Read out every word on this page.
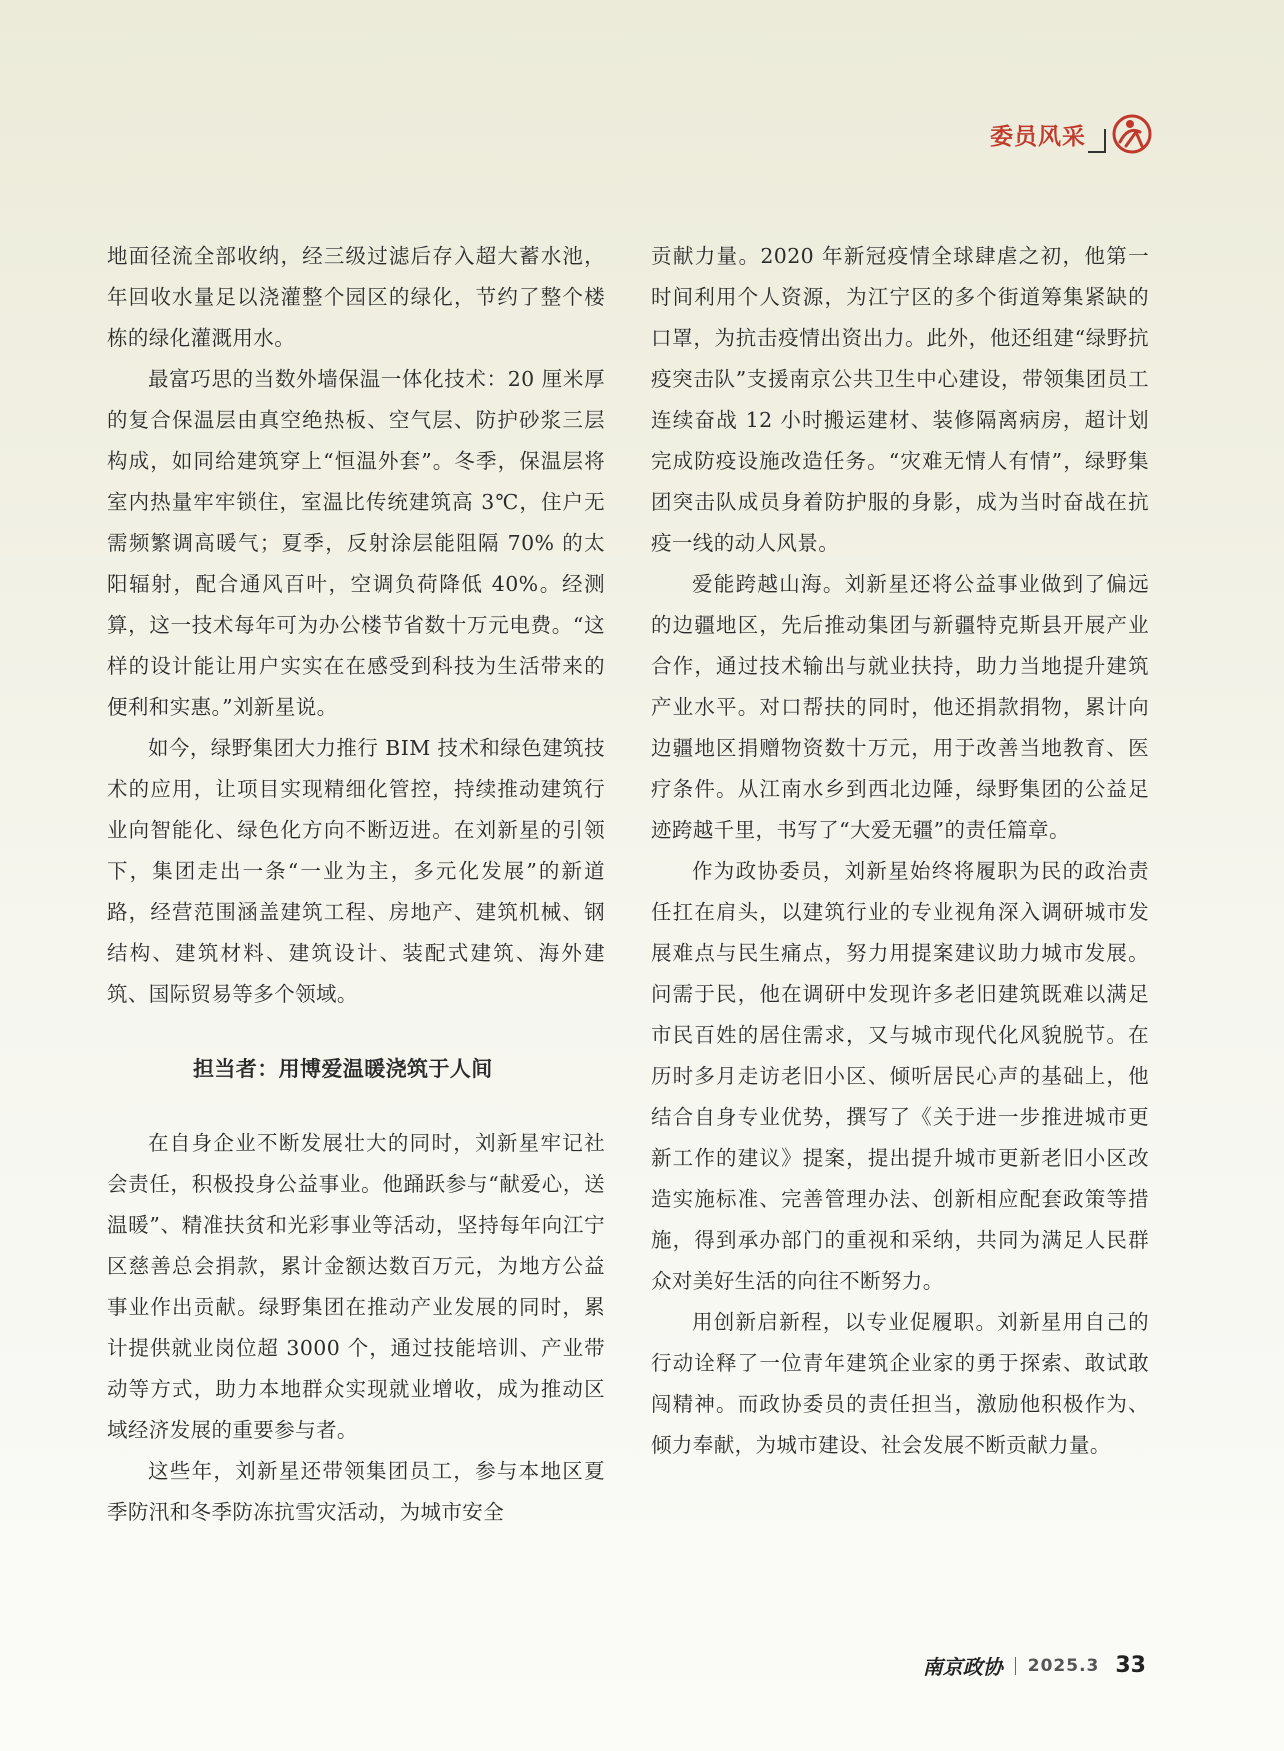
委员风采

地面径流全部收纳，经三级过滤后存入超大蓄水池，年回收水量足以浇灌整个园区的绿化，节约了整个楼栋的绿化灌溉用水。

最富巧思的当数外墙保温一体化技术：20 厘米厚的复合保温层由真空绝热板、空气层、防护砂浆三层构成，如同给建筑穿上“恒温外套”。冬季，保温层将室内热量牢牢锁住，室温比传统建筑高 3℃，住户无需频繁调高暖气；夏季，反射涂层能阻隔 70% 的太阳辐射，配合通风百叶，空调负荷降低 40%。经测算，这一技术每年可为办公楼节省数十万元电费。“这样的设计能让用户实实在在感受到科技为生活带来的便利和实惠。”刘新星说。

如今，绿野集团大力推行 BIM 技术和绿色建筑技术的应用，让项目实现精细化管控，持续推动建筑行业向智能化、绿色化方向不断迈进。在刘新星的引领下，集团走出一条“一业为主，多元化发展”的新道路，经营范围涵盖建筑工程、房地产、建筑机械、钢结构、建筑材料、建筑设计、装配式建筑、海外建筑、国际贸易等多个领域。

担当者：用博爱温暖浇筑于人间

在自身企业不断发展壮大的同时，刘新星牢记社会责任，积极投身公益事业。他踊跃参与“献爱心，送温暖”、精准扶贫和光彩事业等活动，坚持每年向江宁区慈善总会捐款，累计金额达数百万元，为地方公益事业作出贡献。绿野集团在推动产业发展的同时，累计提供就业岗位超 3000 个，通过技能培训、产业带动等方式，助力本地群众实现就业增收，成为推动区域经济发展的重要参与者。

这些年，刘新星还带领集团员工，参与本地区夏季防汛和冬季防冻抗雪灾活动，为城市安全

贡献力量。2020 年新冠疫情全球肆虐之初，他第一时间利用个人资源，为江宁区的多个街道筹集紧缺的口罩，为抗击疫情出资出力。此外，他还组建“绿野抗疫突击队”支援南京公共卫生中心建设，带领集团员工连续奋战 12 小时搬运建材、装修隔离病房，超计划完成防疫设施改造任务。“灾难无情人有情”，绿野集团突击队成员身着防护服的身影，成为当时奋战在抗疫一线的动人风景。

爱能跨越山海。刘新星还将公益事业做到了偏远的边疆地区，先后推动集团与新疆特克斯县开展产业合作，通过技术输出与就业扶持，助力当地提升建筑产业水平。对口帮扶的同时，他还捐款捐物，累计向边疆地区捐赠物资数十万元，用于改善当地教育、医疗条件。从江南水乡到西北边陲，绿野集团的公益足迹跨越千里，书写了“大爱无疆”的责任篇章。

作为政协委员，刘新星始终将履职为民的政治责任扛在肩头，以建筑行业的专业视角深入调研城市发展难点与民生痛点，努力用提案建议助力城市发展。问需于民，他在调研中发现许多老旧建筑既难以满足市民百姓的居住需求，又与城市现代化风貌脱节。在历时多月走访老旧小区、倾听居民心声的基础上，他结合自身专业优势，撰写了《关于进一步推进城市更新工作的建议》提案，提出提升城市更新老旧小区改造实施标准、完善管理办法、创新相应配套政策等措施，得到承办部门的重视和采纳，共同为满足人民群众对美好生活的向往不断努力。

用创新启新程，以专业促履职。刘新星用自己的行动诠释了一位青年建筑企业家的勇于探索、敢试敢闯精神。而政协委员的责任担当，激励他积极作为、倾力奉献，为城市建设、社会发展不断贡献力量。

南京政协 2025.3 33
